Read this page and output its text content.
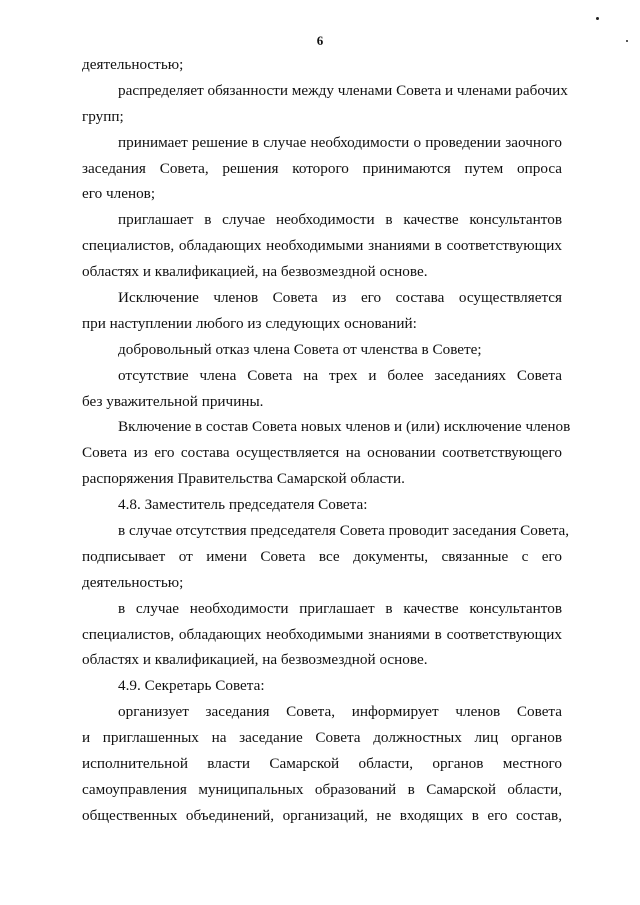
6
деятельностью;
распределяет обязанности между членами Совета и членами рабочих
групп;
принимает решение в случае необходимости о проведении заочного
заседания Совета, решения которого принимаются путем опроса
его членов;
приглашает в случае необходимости в качестве консультантов
специалистов, обладающих необходимыми знаниями в соответствующих
областях и квалификацией, на безвозмездной основе.
Исключение членов Совета из его состава осуществляется
при наступлении любого из следующих оснований:
добровольный отказ члена Совета от членства в Совете;
отсутствие члена Совета на трех и более заседаниях Совета
без уважительной причины.
Включение в состав Совета новых членов и (или) исключение членов
Совета из его состава осуществляется на основании соответствующего
распоряжения Правительства Самарской области.
4.8. Заместитель председателя Совета:
в случае отсутствия председателя Совета проводит заседания Совета,
подписывает от имени Совета все документы, связанные с его
деятельностью;
в случае необходимости приглашает в качестве консультантов
специалистов, обладающих необходимыми знаниями в соответствующих
областях и квалификацией, на безвозмездной основе.
4.9. Секретарь Совета:
организует заседания Совета, информирует членов Совета
и приглашенных на заседание Совета должностных лиц органов
исполнительной власти Самарской области, органов местного
самоуправления муниципальных образований в Самарской области,
общественных объединений, организаций, не входящих в его состав,
